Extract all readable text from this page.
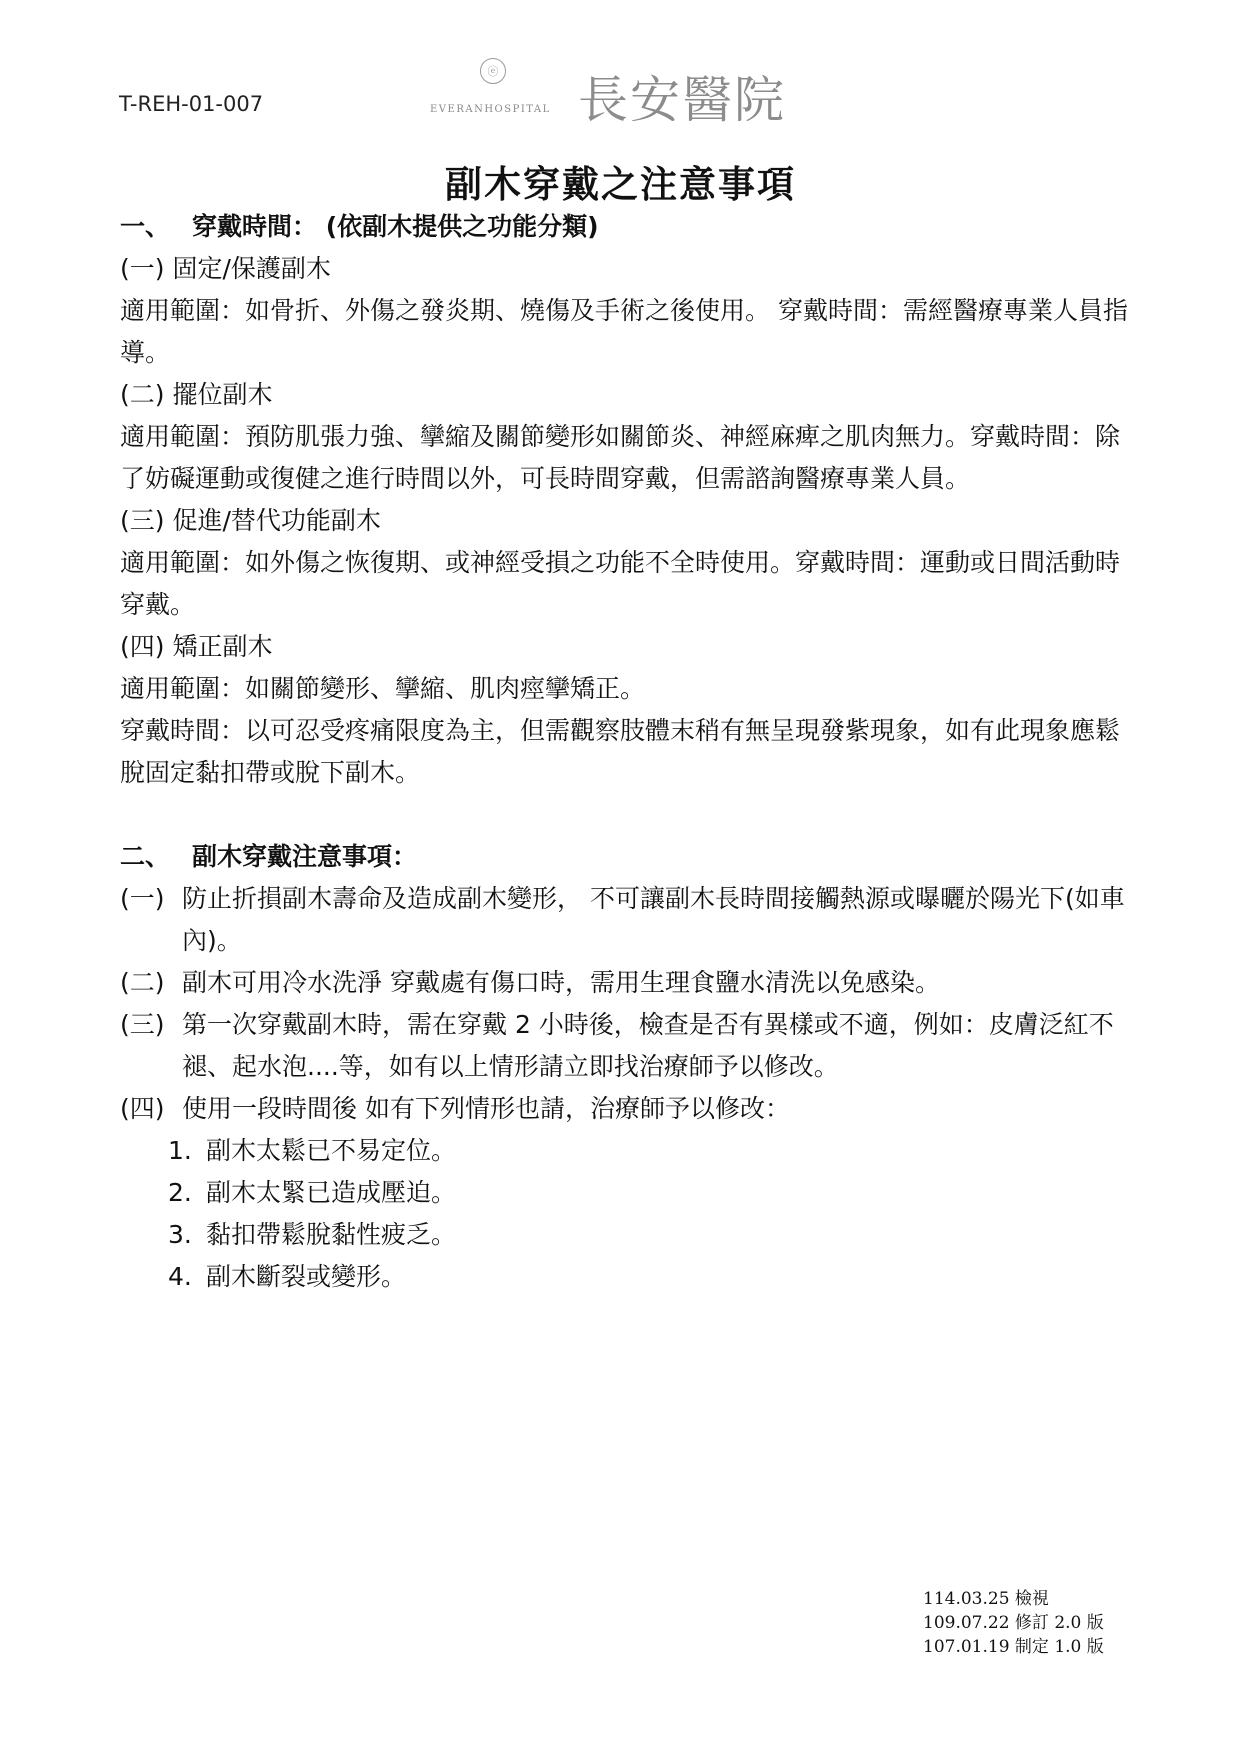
T-REH-01-007
ⓔ
EVERANHOSPITAL 長安醫院
副木穿戴之注意事項

一、 穿戴時間： (依副木提供之功能分類)

(一) 固定/保護副木

適用範圍：如骨折、外傷之發炎期、燒傷及手術之後使用。 穿戴時間：需經醫療專業人員指導。

(二) 擺位副木

適用範圍：預防肌張力強、攣縮及關節變形如關節炎、神經麻痺之肌肉無力。穿戴時間：除了妨礙運動或復健之進行時間以外，可長時間穿戴，但需諮詢醫療專業人員。

(三) 促進/替代功能副木

適用範圍：如外傷之恢復期、或神經受損之功能不全時使用。穿戴時間：運動或日間活動時穿戴。

(四) 矯正副木

適用範圍：如關節變形、攣縮、肌肉痙攣矯正。

穿戴時間：以可忍受疼痛限度為主，但需觀察肢體末稍有無呈現發紫現象，如有此現象應鬆脫固定黏扣帶或脫下副木。

二、 副木穿戴注意事項：

(一) 防止折損副木壽命及造成副木變形， 不可讓副木長時間接觸熱源或曝曬於陽光下(如車內)。
(二) 副木可用冷水洗淨 穿戴處有傷口時，需用生理食鹽水清洗以免感染。
(三) 第一次穿戴副木時，需在穿戴 2 小時後，檢查是否有異樣或不適，例如：皮膚泛紅不褪、起水泡....等，如有以上情形請立即找治療師予以修改。
(四) 使用一段時間後 如有下列情形也請，治療師予以修改：
1. 副木太鬆已不易定位。
2. 副木太緊已造成壓迫。
3. 黏扣帶鬆脫黏性疲乏。
4. 副木斷裂或變形。
114.03.25 檢視
109.07.22 修訂 2.0 版
107.01.19 制定 1.0 版
